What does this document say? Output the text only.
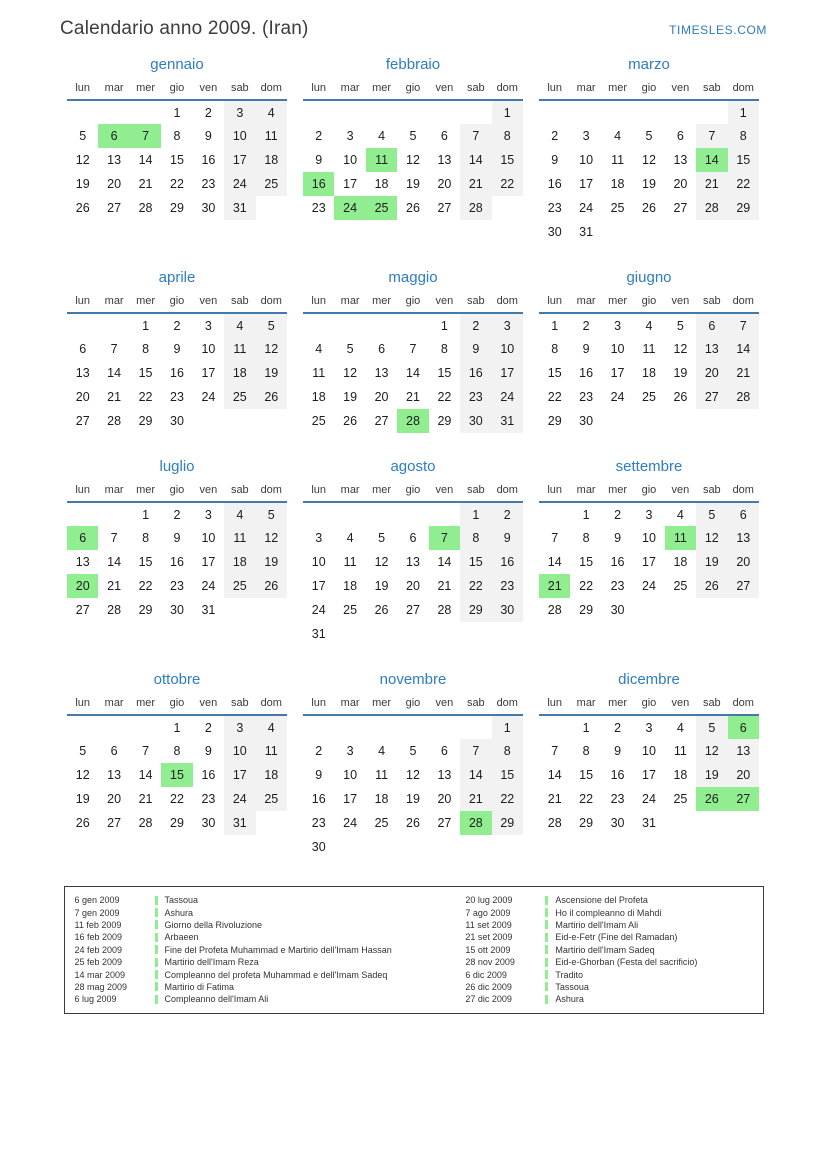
Calendario anno 2009. (Iran)	TIMESLES.COM
gennaio
lun	mar	mer	gio	ven	sab	dom
			1	2	3	4
5	6	7	8	9	10	11
12	13	14	15	16	17	18
19	20	21	22	23	24	25
26	27	28	29	30	31	
febbraio
lun	mar	mer	gio	ven	sab	dom
						1
2	3	4	5	6	7	8
9	10	11	12	13	14	15
16	17	18	19	20	21	22
23	24	25	26	27	28	
marzo
lun	mar	mer	gio	ven	sab	dom
						1
2	3	4	5	6	7	8
9	10	11	12	13	14	15
16	17	18	19	20	21	22
23	24	25	26	27	28	29
30	31					
aprile
lun	mar	mer	gio	ven	sab	dom
		1	2	3	4	5
6	7	8	9	10	11	12
13	14	15	16	17	18	19
20	21	22	23	24	25	26
27	28	29	30			
maggio
lun	mar	mer	gio	ven	sab	dom
				1	2	3
4	5	6	7	8	9	10
11	12	13	14	15	16	17
18	19	20	21	22	23	24
25	26	27	28	29	30	31
giugno
lun	mar	mer	gio	ven	sab	dom
1	2	3	4	5	6	7
8	9	10	11	12	13	14
15	16	17	18	19	20	21
22	23	24	25	26	27	28
29	30					
luglio
lun	mar	mer	gio	ven	sab	dom
		1	2	3	4	5
6	7	8	9	10	11	12
13	14	15	16	17	18	19
20	21	22	23	24	25	26
27	28	29	30	31		
agosto
lun	mar	mer	gio	ven	sab	dom
					1	2
3	4	5	6	7	8	9
10	11	12	13	14	15	16
17	18	19	20	21	22	23
24	25	26	27	28	29	30
31						
settembre
lun	mar	mer	gio	ven	sab	dom
	1	2	3	4	5	6
7	8	9	10	11	12	13
14	15	16	17	18	19	20
21	22	23	24	25	26	27
28	29	30				
ottobre
lun	mar	mer	gio	ven	sab	dom
			1	2	3	4
5	6	7	8	9	10	11
12	13	14	15	16	17	18
19	20	21	22	23	24	25
26	27	28	29	30	31	
novembre
lun	mar	mer	gio	ven	sab	dom
						1
2	3	4	5	6	7	8
9	10	11	12	13	14	15
16	17	18	19	20	21	22
23	24	25	26	27	28	29
30						
dicembre
lun	mar	mer	gio	ven	sab	dom
	1	2	3	4	5	6
7	8	9	10	11	12	13
14	15	16	17	18	19	20
21	22	23	24	25	26	27
28	29	30	31			
6 gen 2009	Tassoua
7 gen 2009	Ashura
11 feb 2009	Giorno della Rivoluzione
16 feb 2009	Arbaeen
24 feb 2009	Fine del Profeta Muhammad e Martirio dell'Imam Hassan
25 feb 2009	Martirio dell'Imam Reza
14 mar 2009	Compleanno del profeta Muhammad e dell'Imam Sadeq
28 mag 2009	Martirio di Fatima
6 lug 2009	Compleanno dell'Imam Ali
20 lug 2009	Ascensione del Profeta
7 ago 2009	Ho il compleanno di Mahdi
11 set 2009	Martirio dell'Imam Ali
21 set 2009	Eid-e-Fetr (Fine del Ramadan)
15 ott 2009	Martirio dell'Imam Sadeq
28 nov 2009	Eid-e-Ghorban (Festa del sacrificio)
6 dic 2009	Tradito
26 dic 2009	Tassoua
27 dic 2009	Ashura
